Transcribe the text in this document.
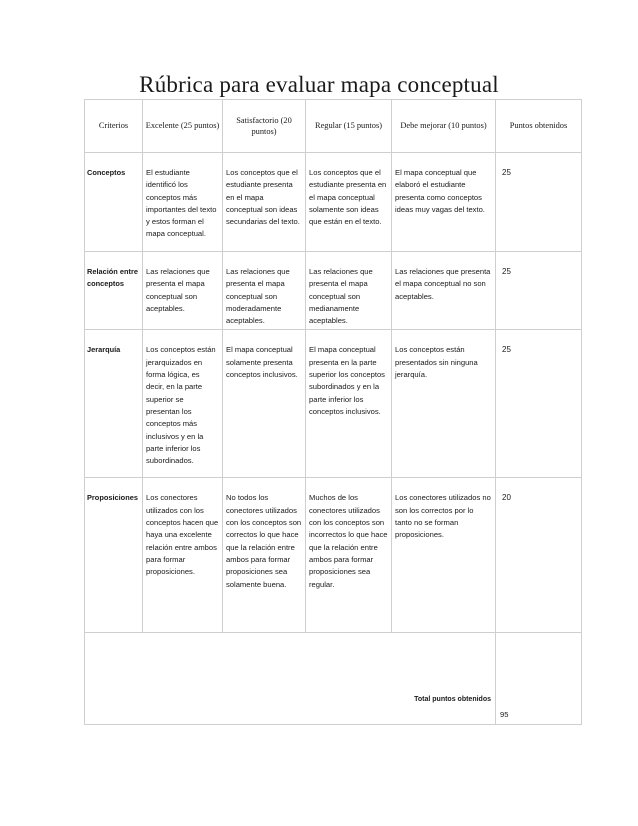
Rúbrica para evaluar mapa conceptual
Criterios	Excelente (25 puntos)	Satisfactorio (20 puntos)	Regular (15 puntos)	Debe mejorar (10 puntos)	Puntos obtenidos
Conceptos	El estudiante identificó los conceptos más importantes del texto y estos forman el mapa conceptual.	Los conceptos que el estudiante presenta en el mapa conceptual son ideas secundarias del texto.	Los conceptos que el estudiante presenta en el mapa conceptual solamente son ideas que están en el texto.	El mapa conceptual que elaboró el estudiante presenta como conceptos ideas muy vagas del texto.	25
Relación entre conceptos	Las relaciones que presenta el mapa conceptual son aceptables.	Las relaciones que presenta el mapa conceptual son moderadamente aceptables.	Las relaciones que presenta el mapa conceptual son medianamente aceptables.	Las relaciones que presenta el mapa conceptual no son aceptables.	25
Jerarquía	Los conceptos están jerarquizados en forma lógica, es decir, en la parte superior se presentan los conceptos más inclusivos y en la parte inferior los subordinados.	El mapa conceptual solamente presenta conceptos inclusivos.	El mapa conceptual presenta en la parte superior los conceptos subordinados y en la parte inferior los conceptos inclusivos.	Los conceptos están presentados sin ninguna jerarquía.	25
Proposiciones	Los conectores utilizados con los conceptos hacen que haya una excelente relación entre ambos para formar proposiciones.	No todos los conectores utilizados con los conceptos son correctos lo que hace que la relación entre ambos para formar proposiciones sea solamente buena.	Muchos de los conectores utilizados con los conceptos son incorrectos lo que hace que la relación entre ambos para formar proposiciones sea regular.	Los conectores utilizados no son los correctos por lo tanto no se forman proposiciones.	20

Total puntos obtenidos					95
